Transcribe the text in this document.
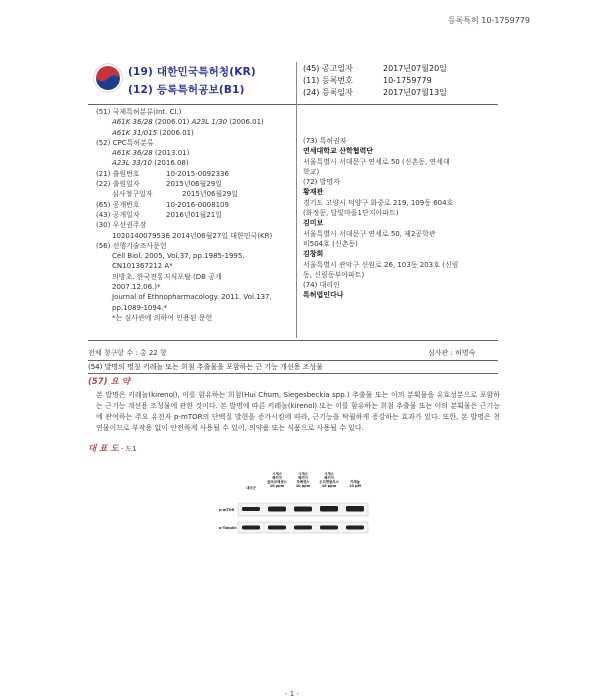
등록특허 10-1759779
(19) 대한민국특허청(KR)
(12) 등록특허공보(B1)
(45) 공고일자	2017년07월20일
(11) 등록번호	10-1759779
(24) 등록일자	2017년07월13일
(51) 국제특허분류(Int. Cl.)
A61K 36/28
(2006.01)
A23L 1/30
(2006.01)
A61K 31/015
(2006.01)
(52) CPC특허분류
A61K 36/28
(2013.01)
A23L 33/10
(2016.08)
(21) 출원번호	10-2015-0092336
(22) 출원일자	2015년06월29일
심사청구일자	2015년06월29일
(65) 공개번호	10-2016-0008109
(43) 공개일자	2016년01월21일
(30) 우선권주장
1020140079536 2014년06월27일 대한민국(KR)
(56) 선행기술조사문헌
Cell Biol. 2005, Vol.37, pp.1985-1995.
CN101367212 A*
의방초. 한국전통지식포탈 (DB 공개
2007.12.06.)*
Journal of Ethnopharmacology. 2011. Vol.137,
pp.1089-1094.*
*는 심사관에 의하여 인용된 문헌
(73) 특허권자
연세대학교 산학협력단
서울특별시 서대문구 연세로 50 (신촌동, 연세대
학교)
(72) 발명자
황재관
경기도 고양시 덕양구 화중로 219, 109동 604호
(화정동, 달빛마을1단지아파트)
김미보
서울특별시 서대문구 연세로 50, 제2공학관
비504호 (신촌동)
김창희
서울특별시 관악구 신원로 26, 103동 203호 (신림
동, 신림동부아파트)
(74) 대리인
특허법인다나
전체 청구항 수 : 총 22 항	심사관 : 허명숙
(54) 발명의 명칭 키레놀 또는 희첨 추출물을 포함하는 근 기능 개선용 조성물
(57) 요 약
본 발명은 키레놀(kirenol), 이를 함유하는 희첨(Hui Chum, Siegesbeckia spp.) 추출물 또는 이의 분획물을 유효성분으로 포함하는 근기능 개선용 조성물에 관한 것이다. 본 발명에 따른 키레놀(kirenol) 또는 이를 함유하는 희첨 추출물 또는 이의 분획물은 근기능에 관여하는 주요 유전자 p-mTOR의 단백질 발현을 증가시킴에 따라, 근기능을 탁월하게 증강하는 효과가 있다. 또한, 본 발명은 천연물이므로 부작용 없이 안전하게 사용될 수 있어, 의약품 또는 식품으로 사용될 수 있다.
대 표 도 - 도1
대조군
시게스 벡키아 글라브레센스 10 ppm
시게스 벡키아 푸베센스 10 ppm
시게스 벡키아 오리엔탈리스 10 ppm
키레놀 10 μM
p-mTOR
α-Tubulin
- 1 -
